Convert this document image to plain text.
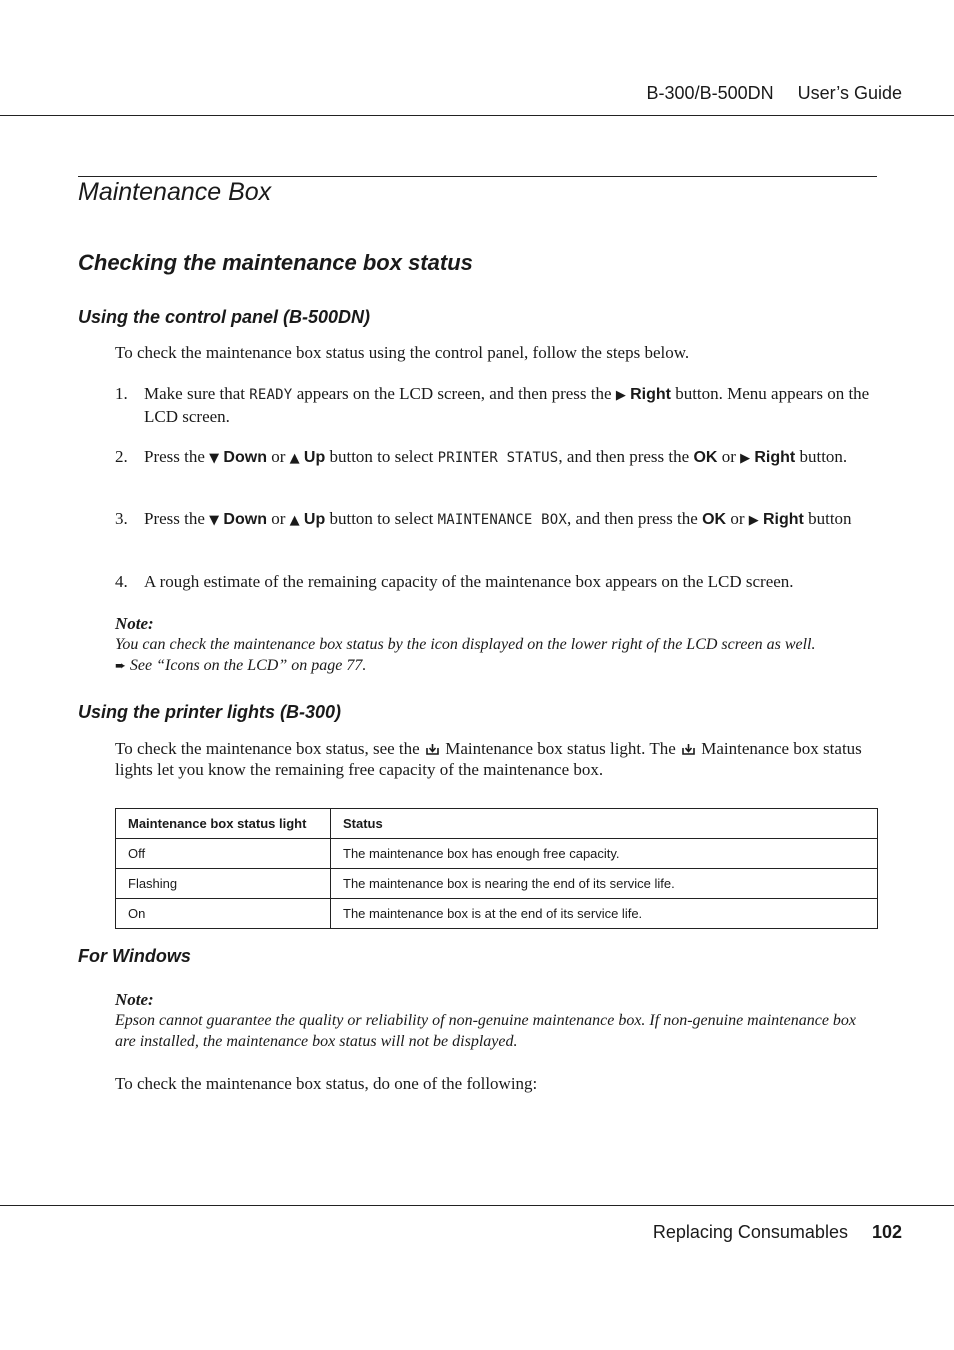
B-300/B-500DN User’s Guide
Maintenance Box
Checking the maintenance box status
Using the control panel (B-500DN)

To check the maintenance box status using the control panel, follow the steps below.

1. Make sure that READY appears on the LCD screen, and then press the ▶ Right button. Menu appears on the LCD screen.
2. Press the ▼ Down or ▲ Up button to select PRINTER STATUS, and then press the OK or ▶ Right button.
3. Press the ▼ Down or ▲ Up button to select MAINTENANCE BOX, and then press the OK or ▶ Right button
4. A rough estimate of the remaining capacity of the maintenance box appears on the LCD screen.
Note:
You can check the maintenance box status by the icon displayed on the lower right of the LCD screen as well.
➨ See “Icons on the LCD” on page 77.
Using the printer lights (B-300)

To check the maintenance box status, see the  Maintenance box status light. The  Maintenance box status lights let you know the remaining free capacity of the maintenance box.

Maintenance box status light	Status
Off	The maintenance box has enough free capacity.
Flashing	The maintenance box is nearing the end of its service life.
On	The maintenance box is at the end of its service life.
For Windows
Note:
Epson cannot guarantee the quality or reliability of non-genuine maintenance box. If non-genuine maintenance box are installed, the maintenance box status will not be displayed.

To check the maintenance box status, do one of the following:

Replacing Consumables 102
